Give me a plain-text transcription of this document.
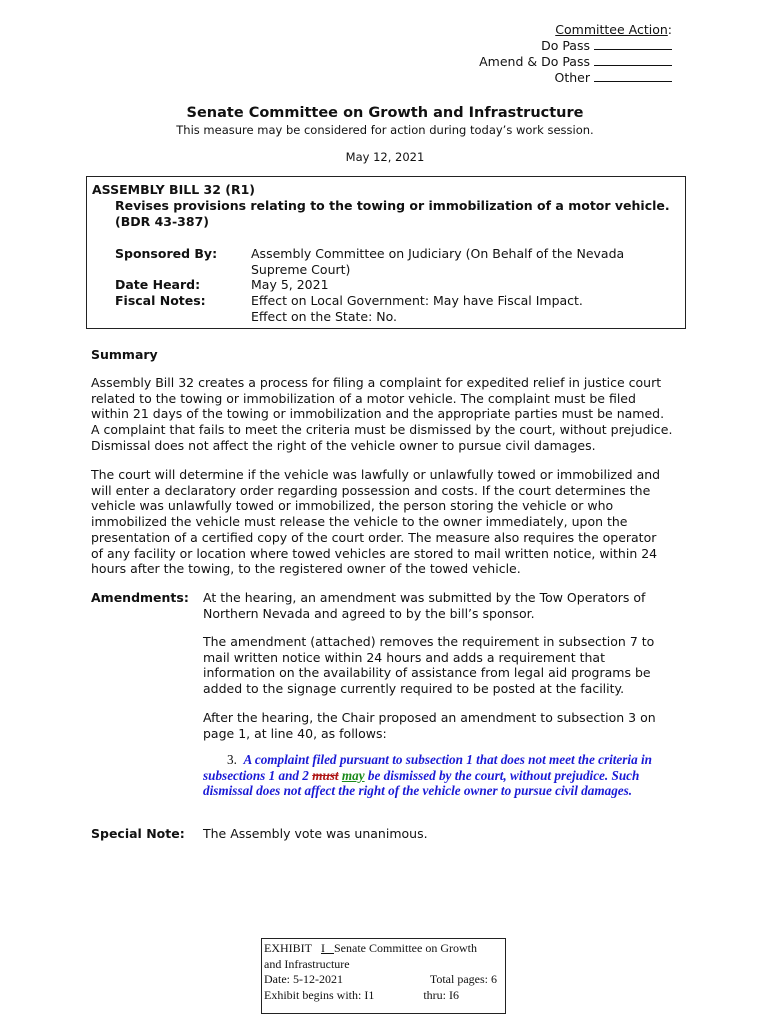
Committee Action:
Do Pass
Amend & Do Pass
Other
Senate Committee on Growth and Infrastructure
This measure may be considered for action during today’s work session.
May 12, 2021
ASSEMBLY BILL 32 (R1)
Revises provisions relating to the towing or immobilization of a motor vehicle.
(BDR 43-387)
Sponsored By:	Assembly Committee on Judiciary (On Behalf of the Nevada
Supreme Court)
Date Heard:	May 5, 2021
Fiscal Notes:	Effect on Local Government: May have Fiscal Impact.
Effect on the State: No.
Summary

Assembly Bill 32 creates a process for filing a complaint for expedited relief in justice court

related to the towing or immobilization of a motor vehicle. The complaint must be filed

within 21 days of the towing or immobilization and the appropriate parties must be named.

A complaint that fails to meet the criteria must be dismissed by the court, without prejudice.

Dismissal does not affect the right of the vehicle owner to pursue civil damages.

The court will determine if the vehicle was lawfully or unlawfully towed or immobilized and

will enter a declaratory order regarding possession and costs. If the court determines the

vehicle was unlawfully towed or immobilized, the person storing the vehicle or who

immobilized the vehicle must release the vehicle to the owner immediately, upon the

presentation of a certified copy of the court order. The measure also requires the operator

of any facility or location where towed vehicles are stored to mail written notice, within 24

hours after the towing, to the registered owner of the towed vehicle.

Amendments: At the hearing, an amendment was submitted by the Tow Operators of
Northern Nevada and agreed to by the bill’s sponsor.
The amendment (attached) removes the requirement in subsection 7 to
mail written notice within 24 hours and adds a requirement that
information on the availability of assistance from legal aid programs be
added to the signage currently required to be posted at the facility.
After the hearing, the Chair proposed an amendment to subsection 3 on
page 1, at line 40, as follows:
3. A complaint filed pursuant to subsection 1 that does not meet the criteria in
subsections 1 and 2 must may be dismissed by the court, without prejudice. Such
dismissal does not affect the right of the vehicle owner to pursue civil damages.
Special Note: The Assembly vote was unanimous.
EXHIBIT I Senate Committee on Growth
and Infrastructure
Date: 5-12-2021	Total pages: 6
Exhibit begins with: I1	thru: I6
